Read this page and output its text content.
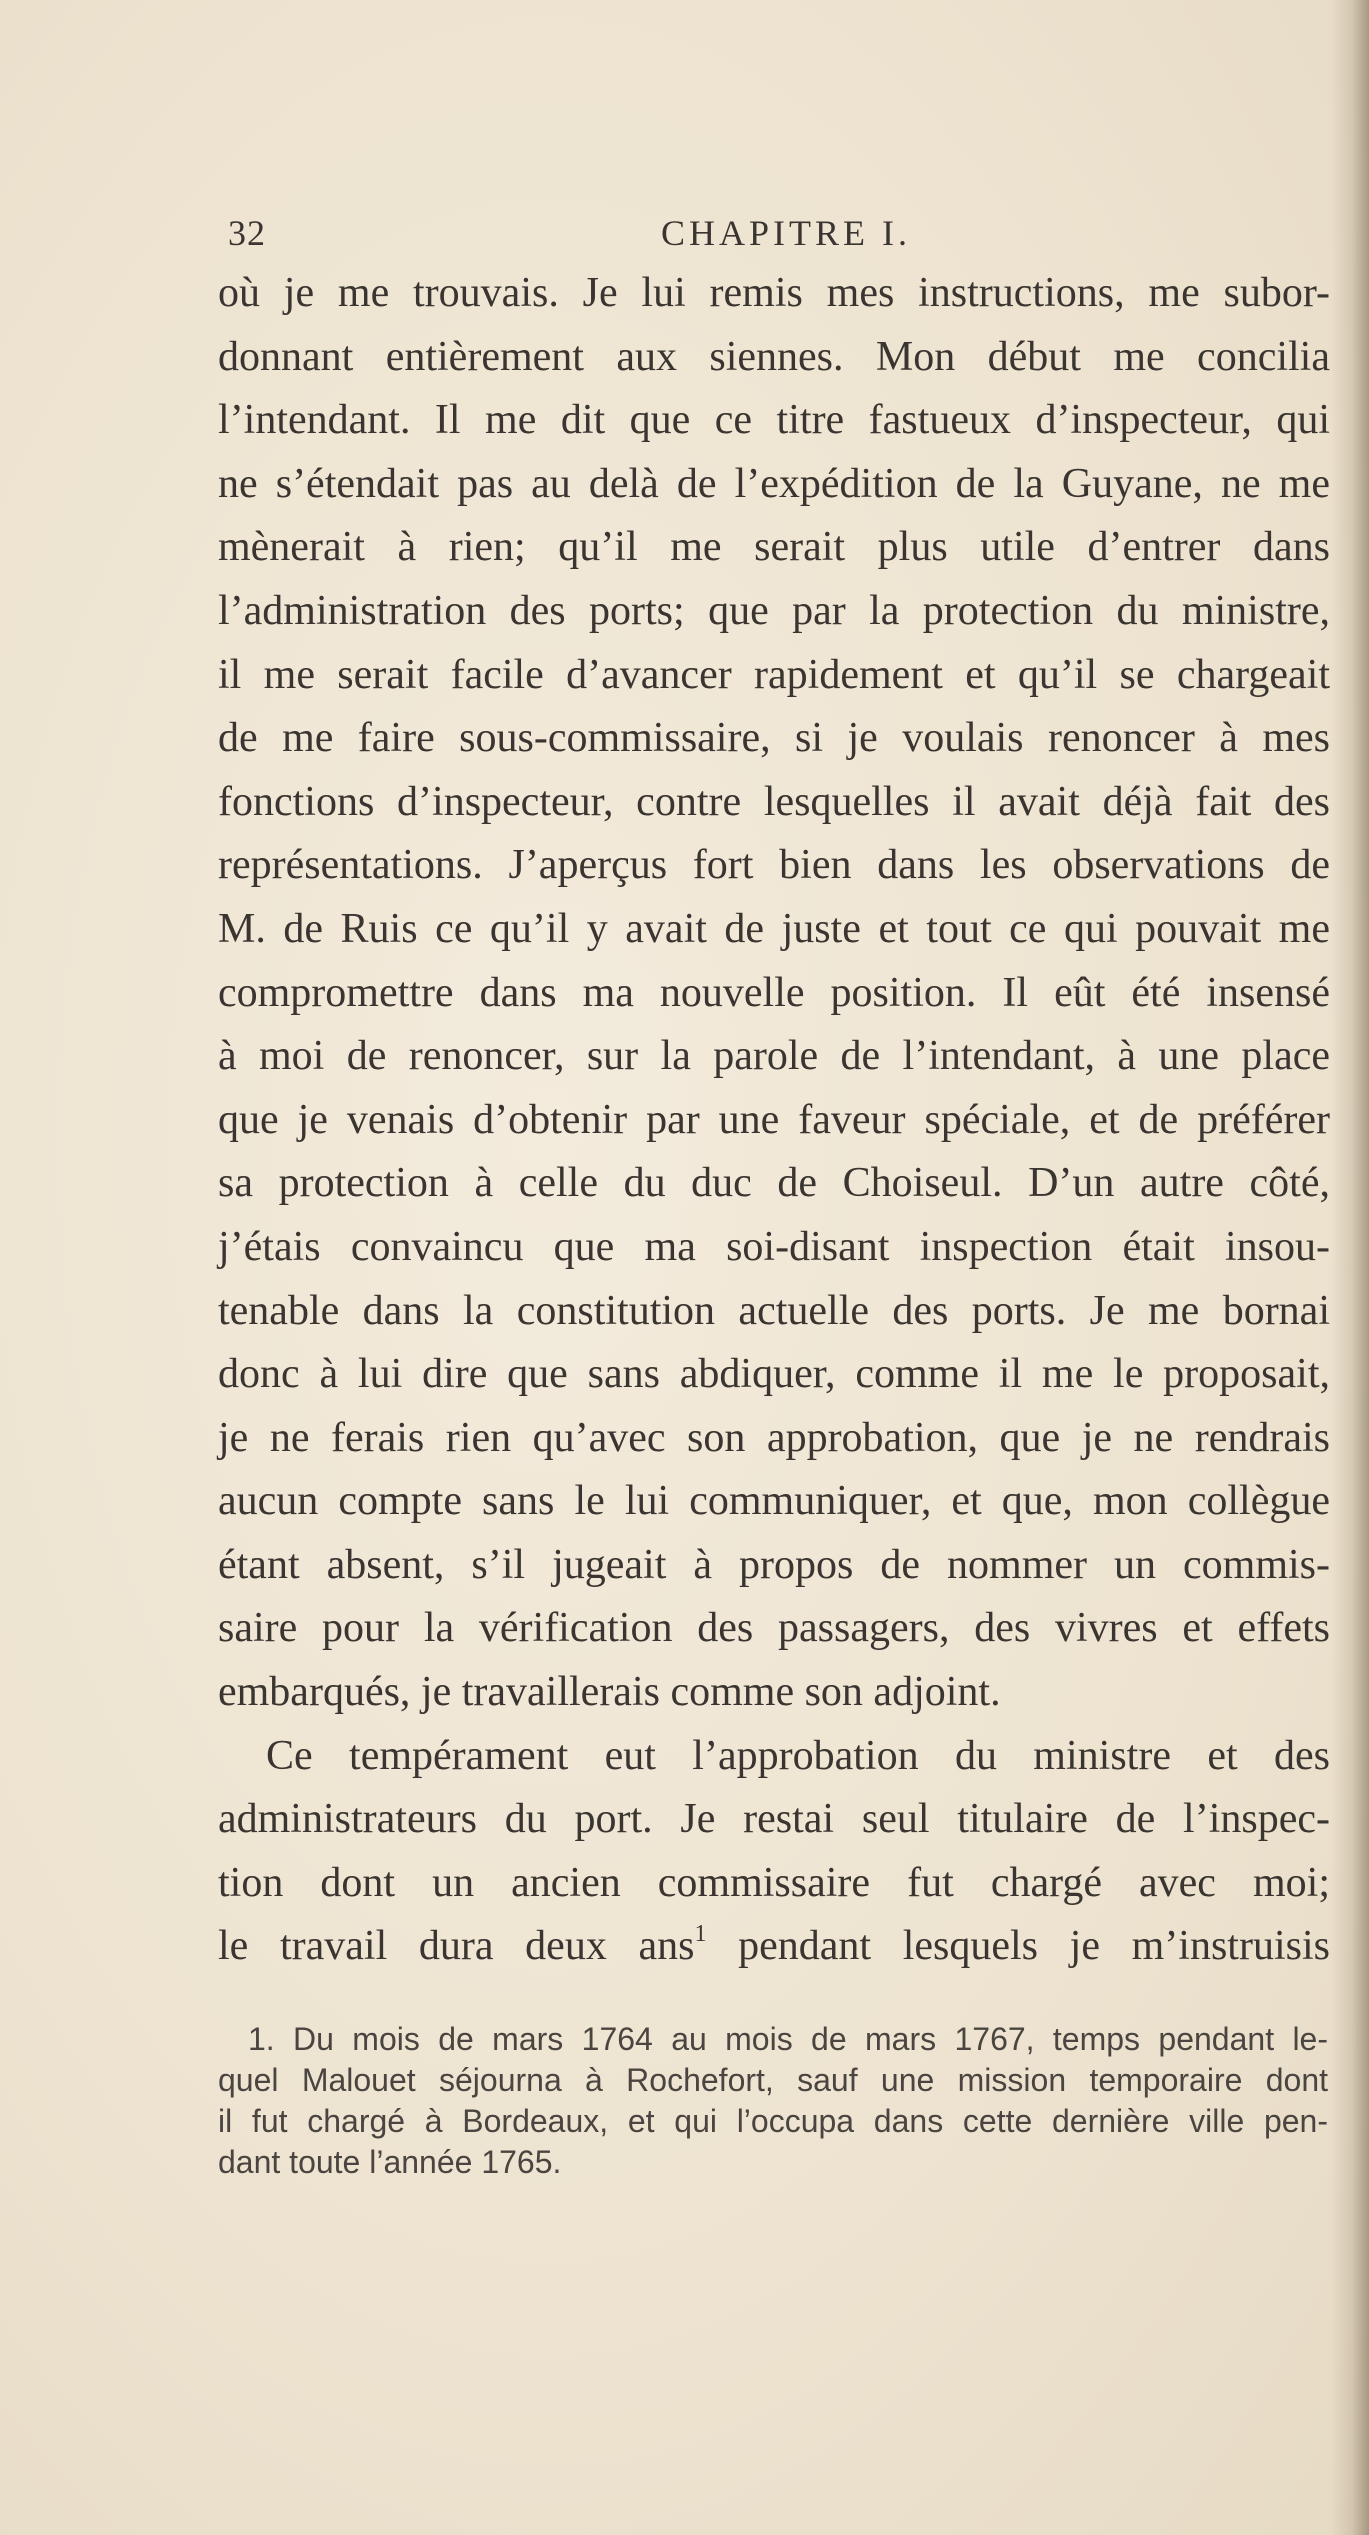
32	CHAPITRE I.
où je me trouvais. Je lui remis mes instructions, me subor-
donnant entièrement aux siennes. Mon début me concilia
l’intendant. Il me dit que ce titre fastueux d’inspecteur, qui
ne s’étendait pas au delà de l’expédition de la Guyane, ne me
mènerait à rien; qu’il me serait plus utile d’entrer dans
l’administration des ports; que par la protection du ministre,
il me serait facile d’avancer rapidement et qu’il se chargeait
de me faire sous-commissaire, si je voulais renoncer à mes
fonctions d’inspecteur, contre lesquelles il avait déjà fait des
représentations. J’aperçus fort bien dans les observations de
M. de Ruis ce qu’il y avait de juste et tout ce qui pouvait me
compromettre dans ma nouvelle position. Il eût été insensé
à moi de renoncer, sur la parole de l’intendant, à une place
que je venais d’obtenir par une faveur spéciale, et de préférer
sa protection à celle du duc de Choiseul. D’un autre côté,
j’étais convaincu que ma soi-disant inspection était insou-
tenable dans la constitution actuelle des ports. Je me bornai
donc à lui dire que sans abdiquer, comme il me le proposait,
je ne ferais rien qu’avec son approbation, que je ne rendrais
aucun compte sans le lui communiquer, et que, mon collègue
étant absent, s’il jugeait à propos de nommer un commis-
saire pour la vérification des passagers, des vivres et effets
embarqués, je travaillerais comme son adjoint.
Ce tempérament eut l’approbation du ministre et des
administrateurs du port. Je restai seul titulaire de l’inspec-
tion dont un ancien commissaire fut chargé avec moi;
le travail dura deux ans$^1$ pendant lesquels je m’instruisis
1. Du mois de mars 1764 au mois de mars 1767, temps pendant le-
quel Malouet séjourna à Rochefort, sauf une mission temporaire dont
il fut chargé à Bordeaux, et qui l’occupa dans cette dernière ville pen-
dant toute l’année 1765.
